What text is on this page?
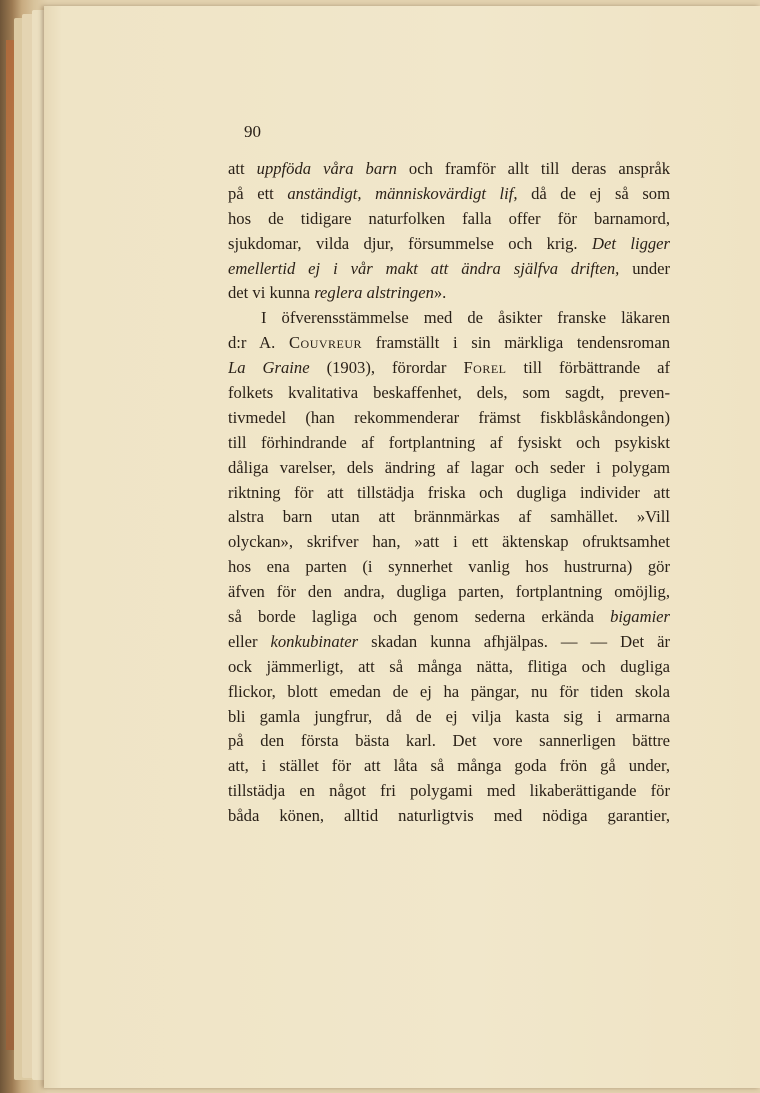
90
att uppföda våra barn och framför allt till deras anspråk
på ett anständigt, människovärdigt lif, då de ej så som
hos de tidigare naturfolken falla offer för barnamord,
sjukdomar, vilda djur, försummelse och krig. Det ligger
emellertid ej i vår makt att ändra själfva driften, under
det vi kunna reglera alstringen».
I öfverensstämmelse med de åsikter franske läkaren
d:r A. Couvreur framställt i sin märkliga tendensroman
La Graine (1903), förordar Forel till förbättrande af
folkets kvalitativa beskaffenhet, dels, som sagdt, preven-
tivmedel (han rekommenderar främst fiskblåskåndongen)
till förhindrande af fortplantning af fysiskt och psykiskt
dåliga varelser, dels ändring af lagar och seder i polygam
riktning för att tillstädja friska och dugliga individer att
alstra barn utan att brännmärkas af samhället. »Vill
olyckan», skrifver han, »att i ett äktenskap ofruktsamhet
hos ena parten (i synnerhet vanlig hos hustrurna) gör
äfven för den andra, dugliga parten, fortplantning omöjlig,
så borde lagliga och genom sederna erkända bigamier
eller konkubinater skadan kunna afhjälpas. — — Det är
ock jämmerligt, att så många nätta, flitiga och dugliga
flickor, blott emedan de ej ha pängar, nu för tiden skola
bli gamla jungfrur, då de ej vilja kasta sig i armarna
på den första bästa karl. Det vore sannerligen bättre
att, i stället för att låta så många goda frön gå under,
tillstädja en något fri polygami med likaberättigande för
båda könen, alltid naturligtvis med nödiga garantier,
